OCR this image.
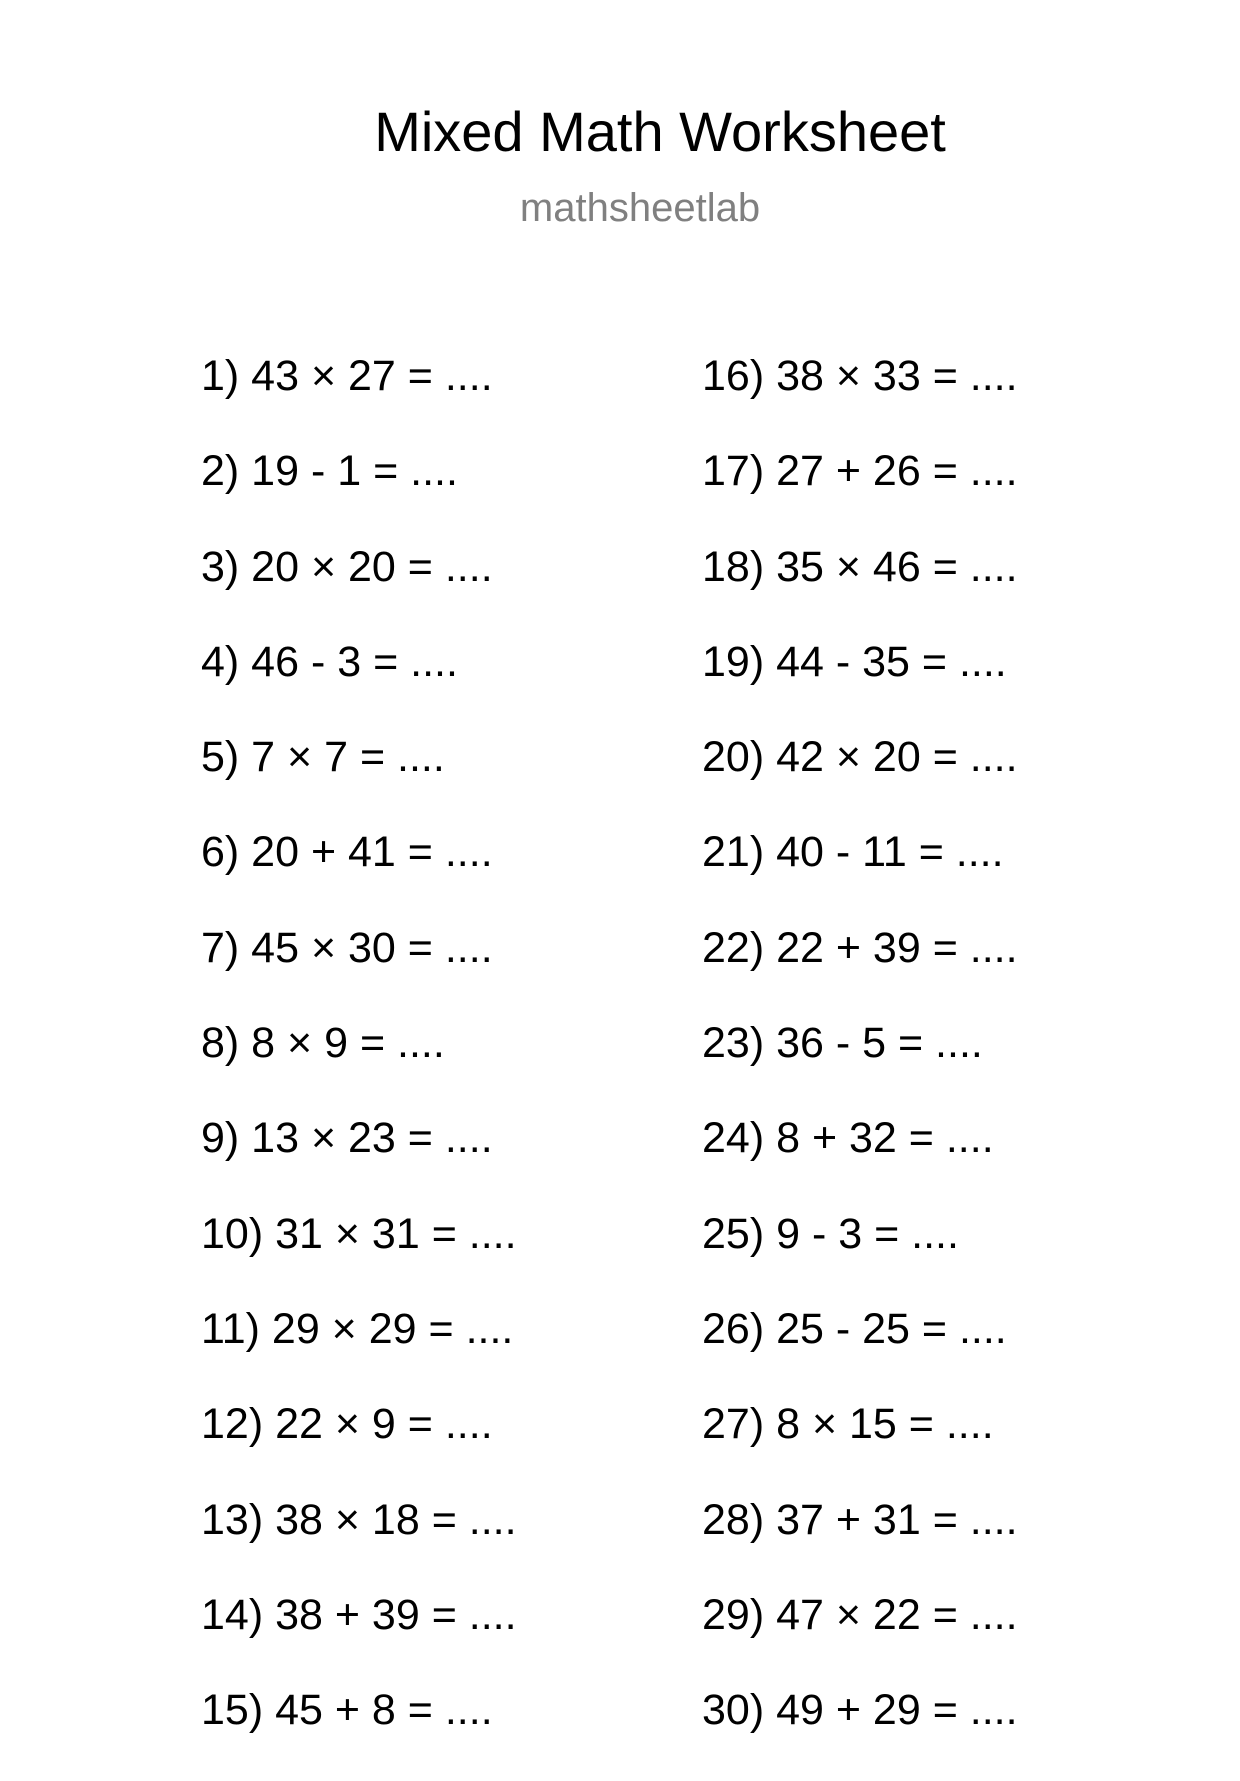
Mixed Math Worksheet
mathsheetlab
1) 43 × 27 = ....
2) 19 - 1 = ....
3) 20 × 20 = ....
4) 46 - 3 = ....
5) 7 × 7 = ....
6) 20 + 41 = ....
7) 45 × 30 = ....
8) 8 × 9 = ....
9) 13 × 23 = ....
10) 31 × 31 = ....
11) 29 × 29 = ....
12) 22 × 9 = ....
13) 38 × 18 = ....
14) 38 + 39 = ....
15) 45 + 8 = ....
16) 38 × 33 = ....
17) 27 + 26 = ....
18) 35 × 46 = ....
19) 44 - 35 = ....
20) 42 × 20 = ....
21) 40 - 11 = ....
22) 22 + 39 = ....
23) 36 - 5 = ....
24) 8 + 32 = ....
25) 9 - 3 = ....
26) 25 - 25 = ....
27) 8 × 15 = ....
28) 37 + 31 = ....
29) 47 × 22 = ....
30) 49 + 29 = ....
